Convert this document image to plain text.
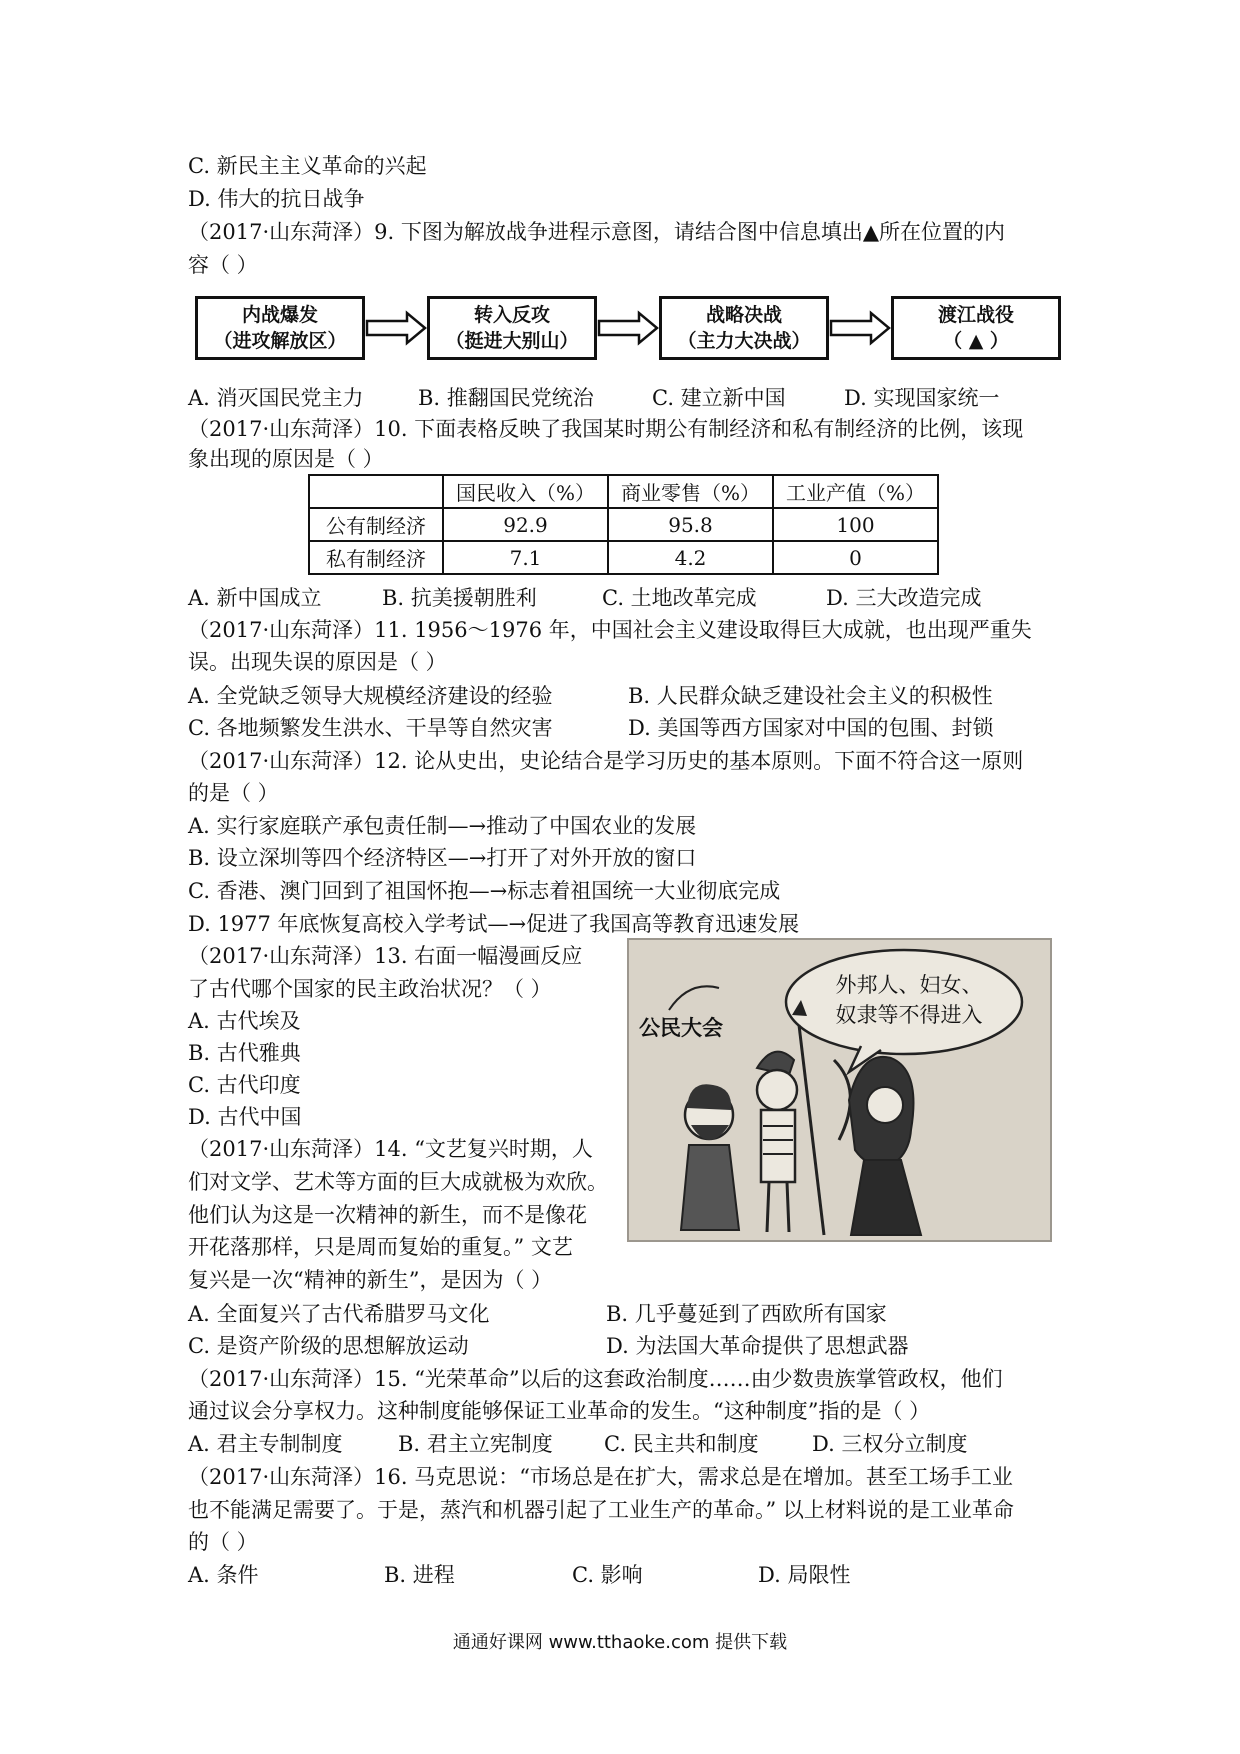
C. 新民主主义革命的兴起
D. 伟大的抗日战争
（2017·山东菏泽）9. 下图为解放战争进程示意图，请结合图中信息填出▲所在位置的内
容（ ）
内战爆发
（进攻解放区）
转入反攻
（挺进大别山）
战略决战
（主力大决战）
渡江战役
（ ▲ ）
A. 消灭国民党主力	B. 推翻国民党统治	C. 建立新中国	D. 实现国家统一
（2017·山东菏泽）10. 下面表格反映了我国某时期公有制经济和私有制经济的比例，该现
象出现的原因是（ ）
	国民收入（%）	商业零售（%）	工业产值（%）
公有制经济	92.9	95.8	100
私有制经济	7.1	4.2	0
A. 新中国成立	B. 抗美援朝胜利	C. 土地改革完成	D. 三大改造完成
（2017·山东菏泽）11. 1956～1976 年，中国社会主义建设取得巨大成就，也出现严重失
误。出现失误的原因是（ ）
A. 全党缺乏领导大规模经济建设的经验	B. 人民群众缺乏建设社会主义的积极性
C. 各地频繁发生洪水、干旱等自然灾害	D. 美国等西方国家对中国的包围、封锁
（2017·山东菏泽）12. 论从史出，史论结合是学习历史的基本原则。下面不符合这一原则
的是（ ）
A. 实行家庭联产承包责任制—→推动了中国农业的发展
B. 设立深圳等四个经济特区—→打开了对外开放的窗口
C. 香港、澳门回到了祖国怀抱—→标志着祖国统一大业彻底完成
D. 1977 年底恢复高校入学考试—→促进了我国高等教育迅速发展
（2017·山东菏泽）13. 右面一幅漫画反应
了古代哪个国家的民主政治状况？（ ）
A. 古代埃及
B. 古代雅典
C. 古代印度
D. 古代中国
公民大会
外邦人、妇女、
奴隶等不得进入
（2017·山东菏泽）14. “文艺复兴时期，人
们对文学、艺术等方面的巨大成就极为欢欣。
他们认为这是一次精神的新生，而不是像花
开花落那样，只是周而复始的重复。” 文艺
复兴是一次“精神的新生”，是因为（ ）
A. 全面复兴了古代希腊罗马文化	B. 几乎蔓延到了西欧所有国家
C. 是资产阶级的思想解放运动	D. 为法国大革命提供了思想武器
（2017·山东菏泽）15. “光荣革命”以后的这套政治制度……由少数贵族掌管政权，他们
通过议会分享权力。这种制度能够保证工业革命的发生。“这种制度”指的是（ ）
A. 君主专制制度	B. 君主立宪制度 C. 民主共和制度	D. 三权分立制度
（2017·山东菏泽）16. 马克思说：“市场总是在扩大，需求总是在增加。甚至工场手工业
也不能满足需要了。于是，蒸汽和机器引起了工业生产的革命。” 以上材料说的是工业革命
的（ ）
A. 条件	B. 进程	C. 影响	D. 局限性
通通好课网 www.tthaoke.com 提供下载
